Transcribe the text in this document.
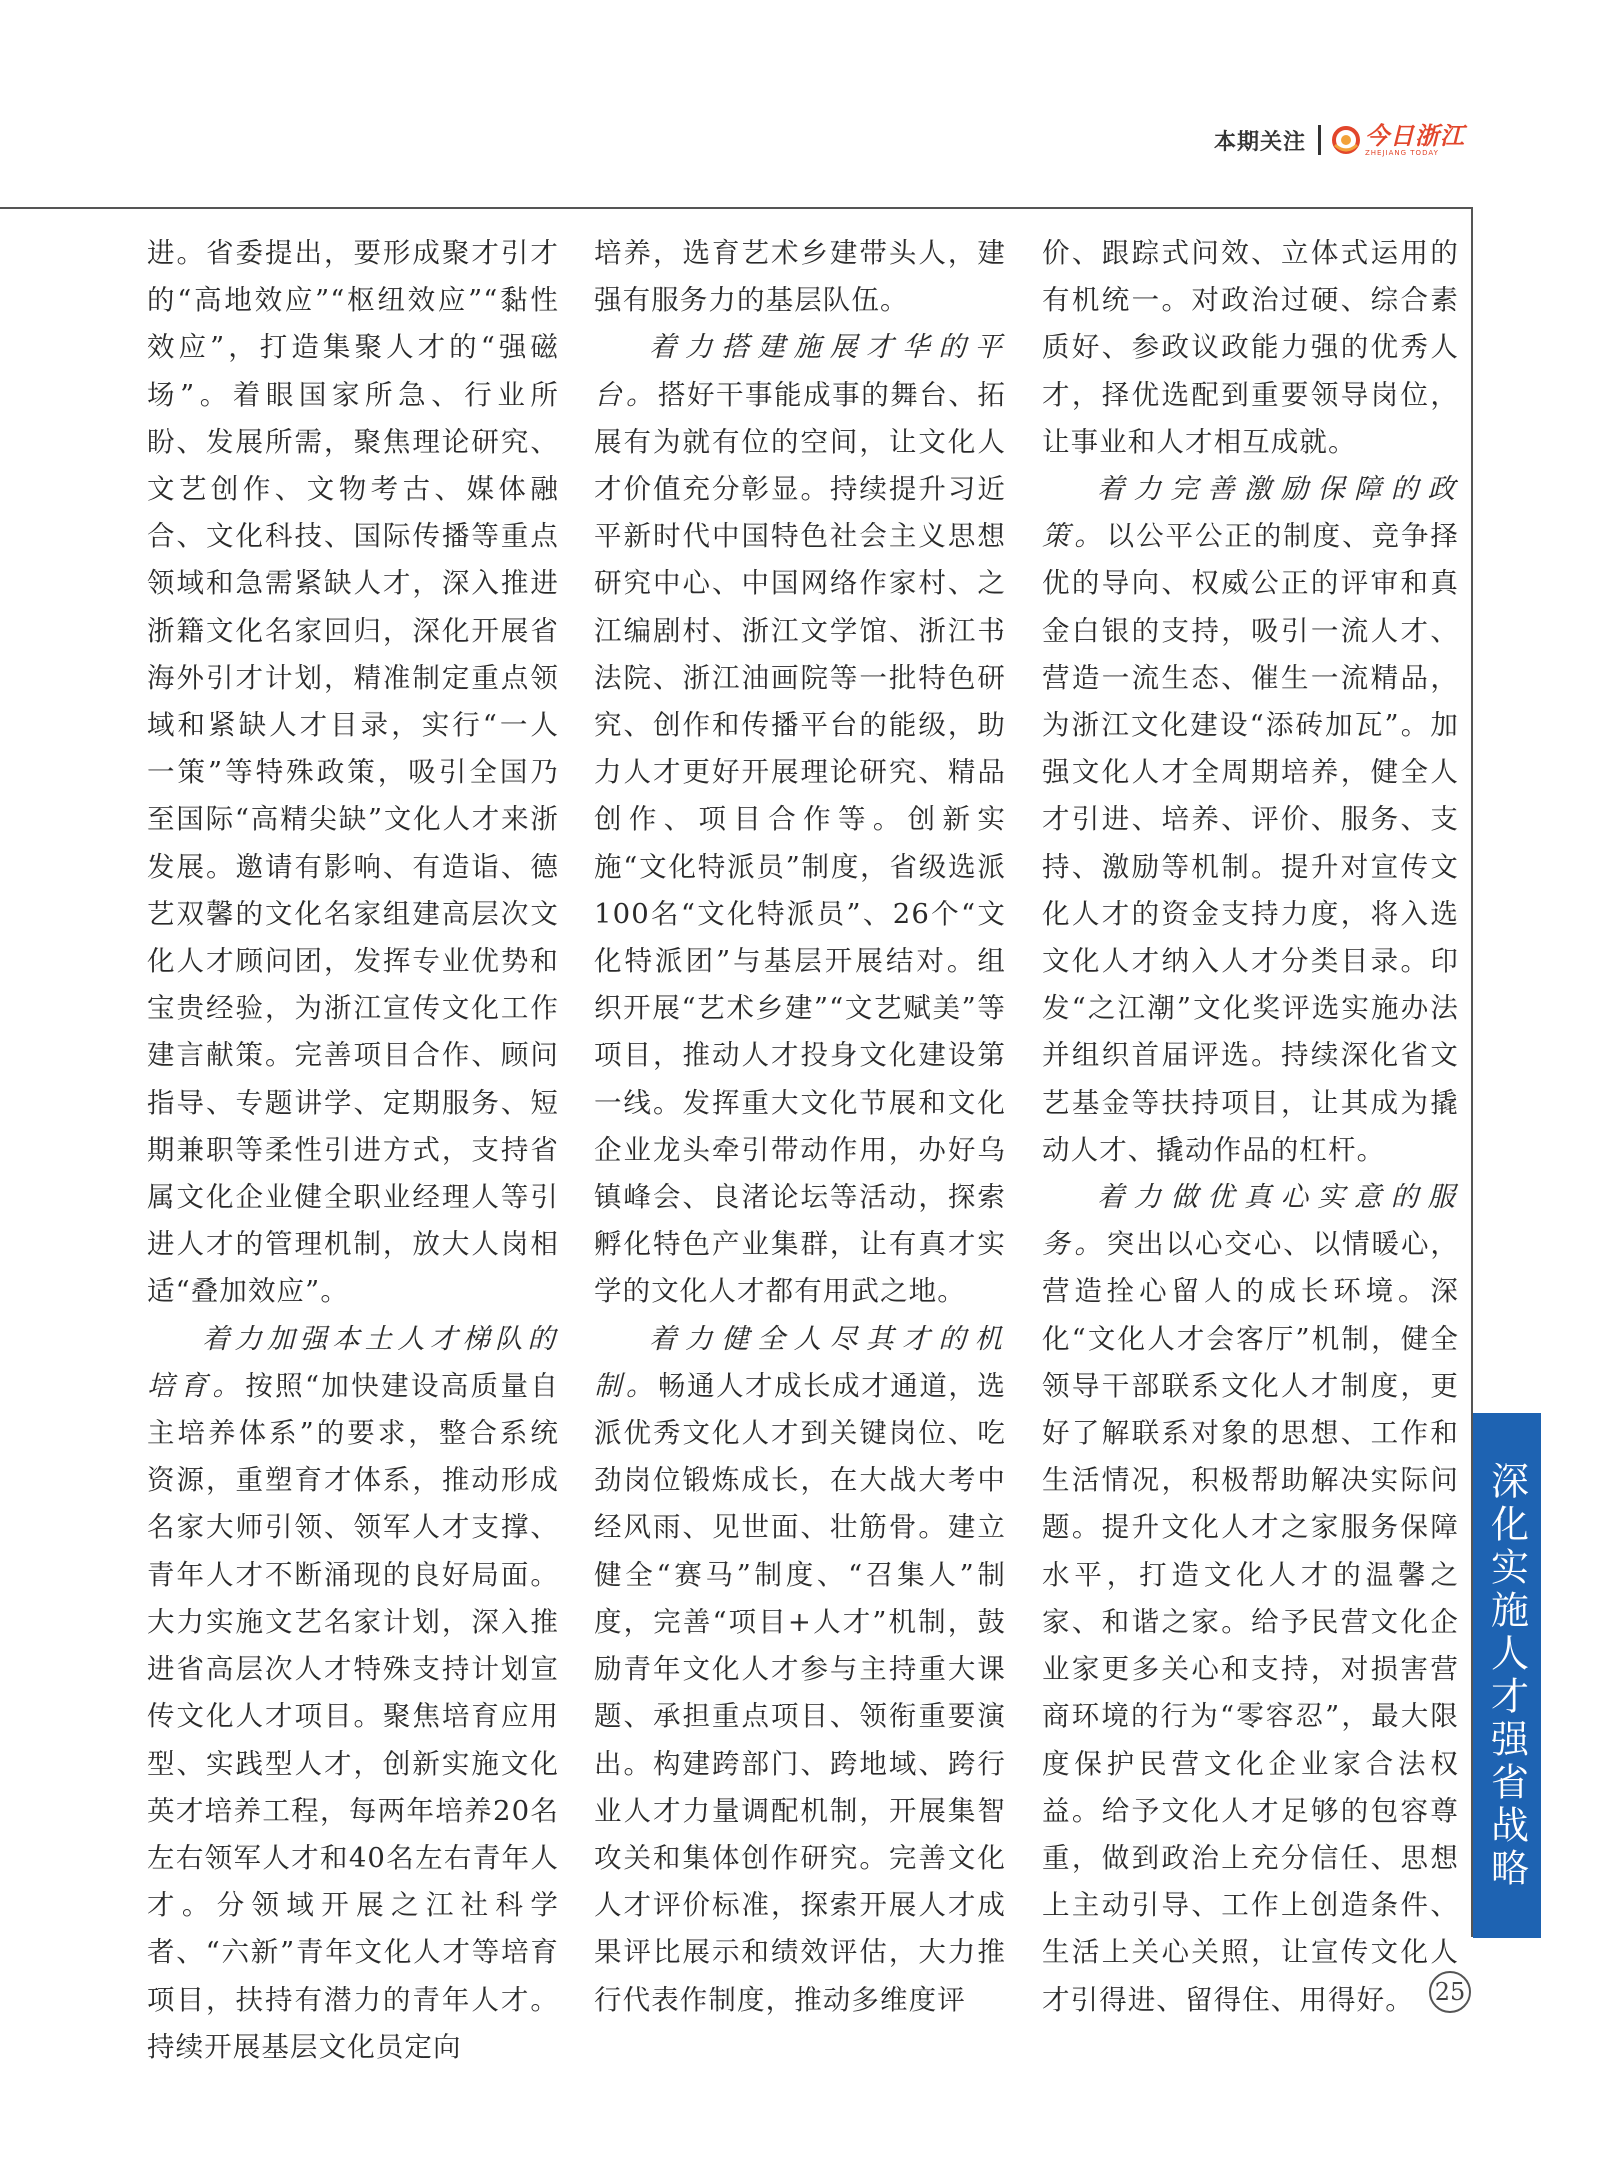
本期关注 今日浙江
ZHEJIANG TODAY

进。省委提出，要形成聚才引才的“高地效应”“枢纽效应”“黏性效应”，打造集聚人才的“强磁场”。着眼国家所急、行业所盼、发展所需，聚焦理论研究、文艺创作、文物考古、媒体融合、文化科技、国际传播等重点领域和急需紧缺人才，深入推进浙籍文化名家回归，深化开展省海外引才计划，精准制定重点领域和紧缺人才目录，实行“一人一策”等特殊政策，吸引全国乃至国际“高精尖缺”文化人才来浙发展。邀请有影响、有造诣、德艺双馨的文化名家组建高层次文化人才顾问团，发挥专业优势和宝贵经验，为浙江宣传文化工作建言献策。完善项目合作、顾问指导、专题讲学、定期服务、短期兼职等柔性引进方式，支持省属文化企业健全职业经理人等引进人才的管理机制，放大人岗相适“叠加效应”。

着力加强本土人才梯队的培育。按照“加快建设高质量自主培养体系”的要求，整合系统资源，重塑育才体系，推动形成名家大师引领、领军人才支撑、青年人才不断涌现的良好局面。大力实施文艺名家计划，深入推进省高层次人才特殊支持计划宣传文化人才项目。聚焦培育应用型、实践型人才，创新实施文化英才培养工程，每两年培养20名左右领军人才和40名左右青年人才。分领域开展之江社科学者、“六新”青年文化人才等培育项目，扶持有潜力的青年人才。持续开展基层文化员定向

培养，选育艺术乡建带头人，建强有服务力的基层队伍。

着力搭建施展才华的平台。搭好干事能成事的舞台、拓展有为就有位的空间，让文化人才价值充分彰显。持续提升习近平新时代中国特色社会主义思想研究中心、中国网络作家村、之江编剧村、浙江文学馆、浙江书法院、浙江油画院等一批特色研究、创作和传播平台的能级，助力人才更好开展理论研究、精品创作、项目合作等。创新实施“文化特派员”制度，省级选派100名“文化特派员”、26个“文化特派团”与基层开展结对。组织开展“艺术乡建”“文艺赋美”等项目，推动人才投身文化建设第一线。发挥重大文化节展和文化企业龙头牵引带动作用，办好乌镇峰会、良渚论坛等活动，探索孵化特色产业集群，让有真才实学的文化人才都有用武之地。

着力健全人尽其才的机制。畅通人才成长成才通道，选派优秀文化人才到关键岗位、吃劲岗位锻炼成长，在大战大考中经风雨、见世面、壮筋骨。建立健全“赛马”制度、“召集人”制度，完善“项目+人才”机制，鼓励青年文化人才参与主持重大课题、承担重点项目、领衔重要演出。构建跨部门、跨地域、跨行业人才力量调配机制，开展集智攻关和集体创作研究。完善文化人才评价标准，探索开展人才成果评比展示和绩效评估，大力推行代表作制度，推动多维度评

价、跟踪式问效、立体式运用的有机统一。对政治过硬、综合素质好、参政议政能力强的优秀人才，择优选配到重要领导岗位，让事业和人才相互成就。

着力完善激励保障的政策。以公平公正的制度、竞争择优的导向、权威公正的评审和真金白银的支持，吸引一流人才、营造一流生态、催生一流精品，为浙江文化建设“添砖加瓦”。加强文化人才全周期培养，健全人才引进、培养、评价、服务、支持、激励等机制。提升对宣传文化人才的资金支持力度，将入选文化人才纳入人才分类目录。印发“之江潮”文化奖评选实施办法并组织首届评选。持续深化省文艺基金等扶持项目，让其成为撬动人才、撬动作品的杠杆。

着力做优真心实意的服务。突出以心交心、以情暖心，营造拴心留人的成长环境。深化“文化人才会客厅”机制，健全领导干部联系文化人才制度，更好了解联系对象的思想、工作和生活情况，积极帮助解决实际问题。提升文化人才之家服务保障水平，打造文化人才的温馨之家、和谐之家。给予民营文化企业家更多关心和支持，对损害营商环境的行为“零容忍”，最大限度保护民营文化企业家合法权益。给予文化人才足够的包容尊重，做到政治上充分信任、思想上主动引导、工作上创造条件、生活上关心关照，让宣传文化人才引得进、留得住、用得好。

深化实施人才强省战略
25
